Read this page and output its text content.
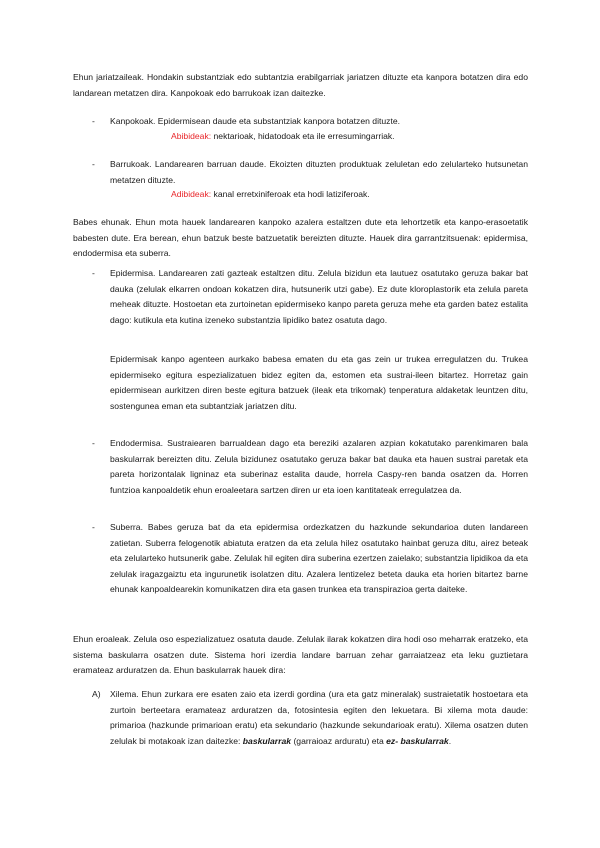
Ehun jariatzaileak. Hondakin substantziak edo subtantzia erabilgarriak jariatzen dituzte eta kanpora botatzen dira edo landarean metatzen dira. Kanpokoak edo barrukoak izan daitezke.

- Kanpokoak. Epidermisean daude eta substantziak kanpora botatzen dituzte.

Abibideak: nektarioak, hidatodoak eta ile erresumingarriak.
- Barrukoak. Landarearen barruan daude. Ekoizten dituzten produktuak zeluletan edo zelularteko hutsunetan metatzen dituzte.

Adibideak: kanal erretxiniferoak eta hodi latiziferoak.

Babes ehunak. Ehun mota hauek landarearen kanpoko azalera estaltzen dute eta lehortzetik eta kanpo-erasoetatik babesten dute. Era berean, ehun batzuk beste batzuetatik bereizten dituzte. Hauek dira garrantzitsuenak: epidermisa, endodermisa eta suberra.

- Epidermisa. Landarearen zati gazteak estaltzen ditu. Zelula bizidun eta lautuez osatutako geruza bakar bat dauka (zelulak elkarren ondoan kokatzen dira, hutsunerik utzi gabe). Ez dute kloroplastorik eta zelula pareta meheak dituzte. Hostoetan eta zurtoinetan epidermiseko kanpo pareta geruza mehe eta garden batez estalita dago: kutikula eta kutina izeneko substantzia lipidiko batez osatuta dago.

Epidermisak kanpo agenteen aurkako babesa ematen du eta gas zein ur trukea erregulatzen du. Trukea epidermiseko egitura espezializatuen bidez egiten da, estomen eta sustrai-ileen bitartez. Horretaz gain epidermisean aurkitzen diren beste egitura batzuek (ileak eta trikomak) tenperatura aldaketak leuntzen ditu, sostengunea eman eta subtantziak jariatzen ditu.

- Endodermisa. Sustraiearen barrualdean dago eta bereziki azalaren azpian kokatutako parenkimaren bala baskularrak bereizten ditu. Zelula bizidunez osatutako geruza bakar bat dauka eta hauen sustrai paretak eta pareta horizontalak ligninaz eta suberinaz estalita daude, horrela Caspy-ren banda osatzen da. Horren funtzioa kanpoaldetik ehun eroaleetara sartzen diren ur eta ioen kantitateak erregulatzea da.

- Suberra. Babes geruza bat da eta epidermisa ordezkatzen du hazkunde sekundarioa duten landareen zatietan. Suberra felogenotik abiatuta eratzen da eta zelula hilez osatutako hainbat geruza ditu, airez beteak eta zelularteko hutsunerik gabe. Zelulak hil egiten dira suberina ezertzen zaielako; substantzia lipidikoa da eta zelulak iragazgaiztu eta ingurunetik isolatzen ditu. Azalera lentizelez beteta dauka eta horien bitartez barne ehunak kanpoaldearekin komunikatzen dira eta gasen trunkea eta transpirazioa gerta daiteke.

Ehun eroaleak. Zelula oso espezializatuez osatuta daude. Zelulak ilarak kokatzen dira hodi oso meharrak eratzeko, eta sistema baskularra osatzen dute. Sistema hori izerdia landare barruan zehar garraiatzeaz eta leku guztietara eramateaz arduratzen da. Ehun baskularrak hauek dira:

A) Xilema. Ehun zurkara ere esaten zaio eta izerdi gordina (ura eta gatz mineralak) sustraietatik hostoetara eta zurtoin berteetara eramateaz arduratzen da, fotosintesia egiten den lekuetara. Bi xilema mota daude: primarioa (hazkunde primarioan eratu) eta sekundario (hazkunde sekundarioak eratu). Xilema osatzen duten zelulak bi motakoak izan daitezke: baskularrak (garraioaz arduratu) eta ez- baskularrak.
